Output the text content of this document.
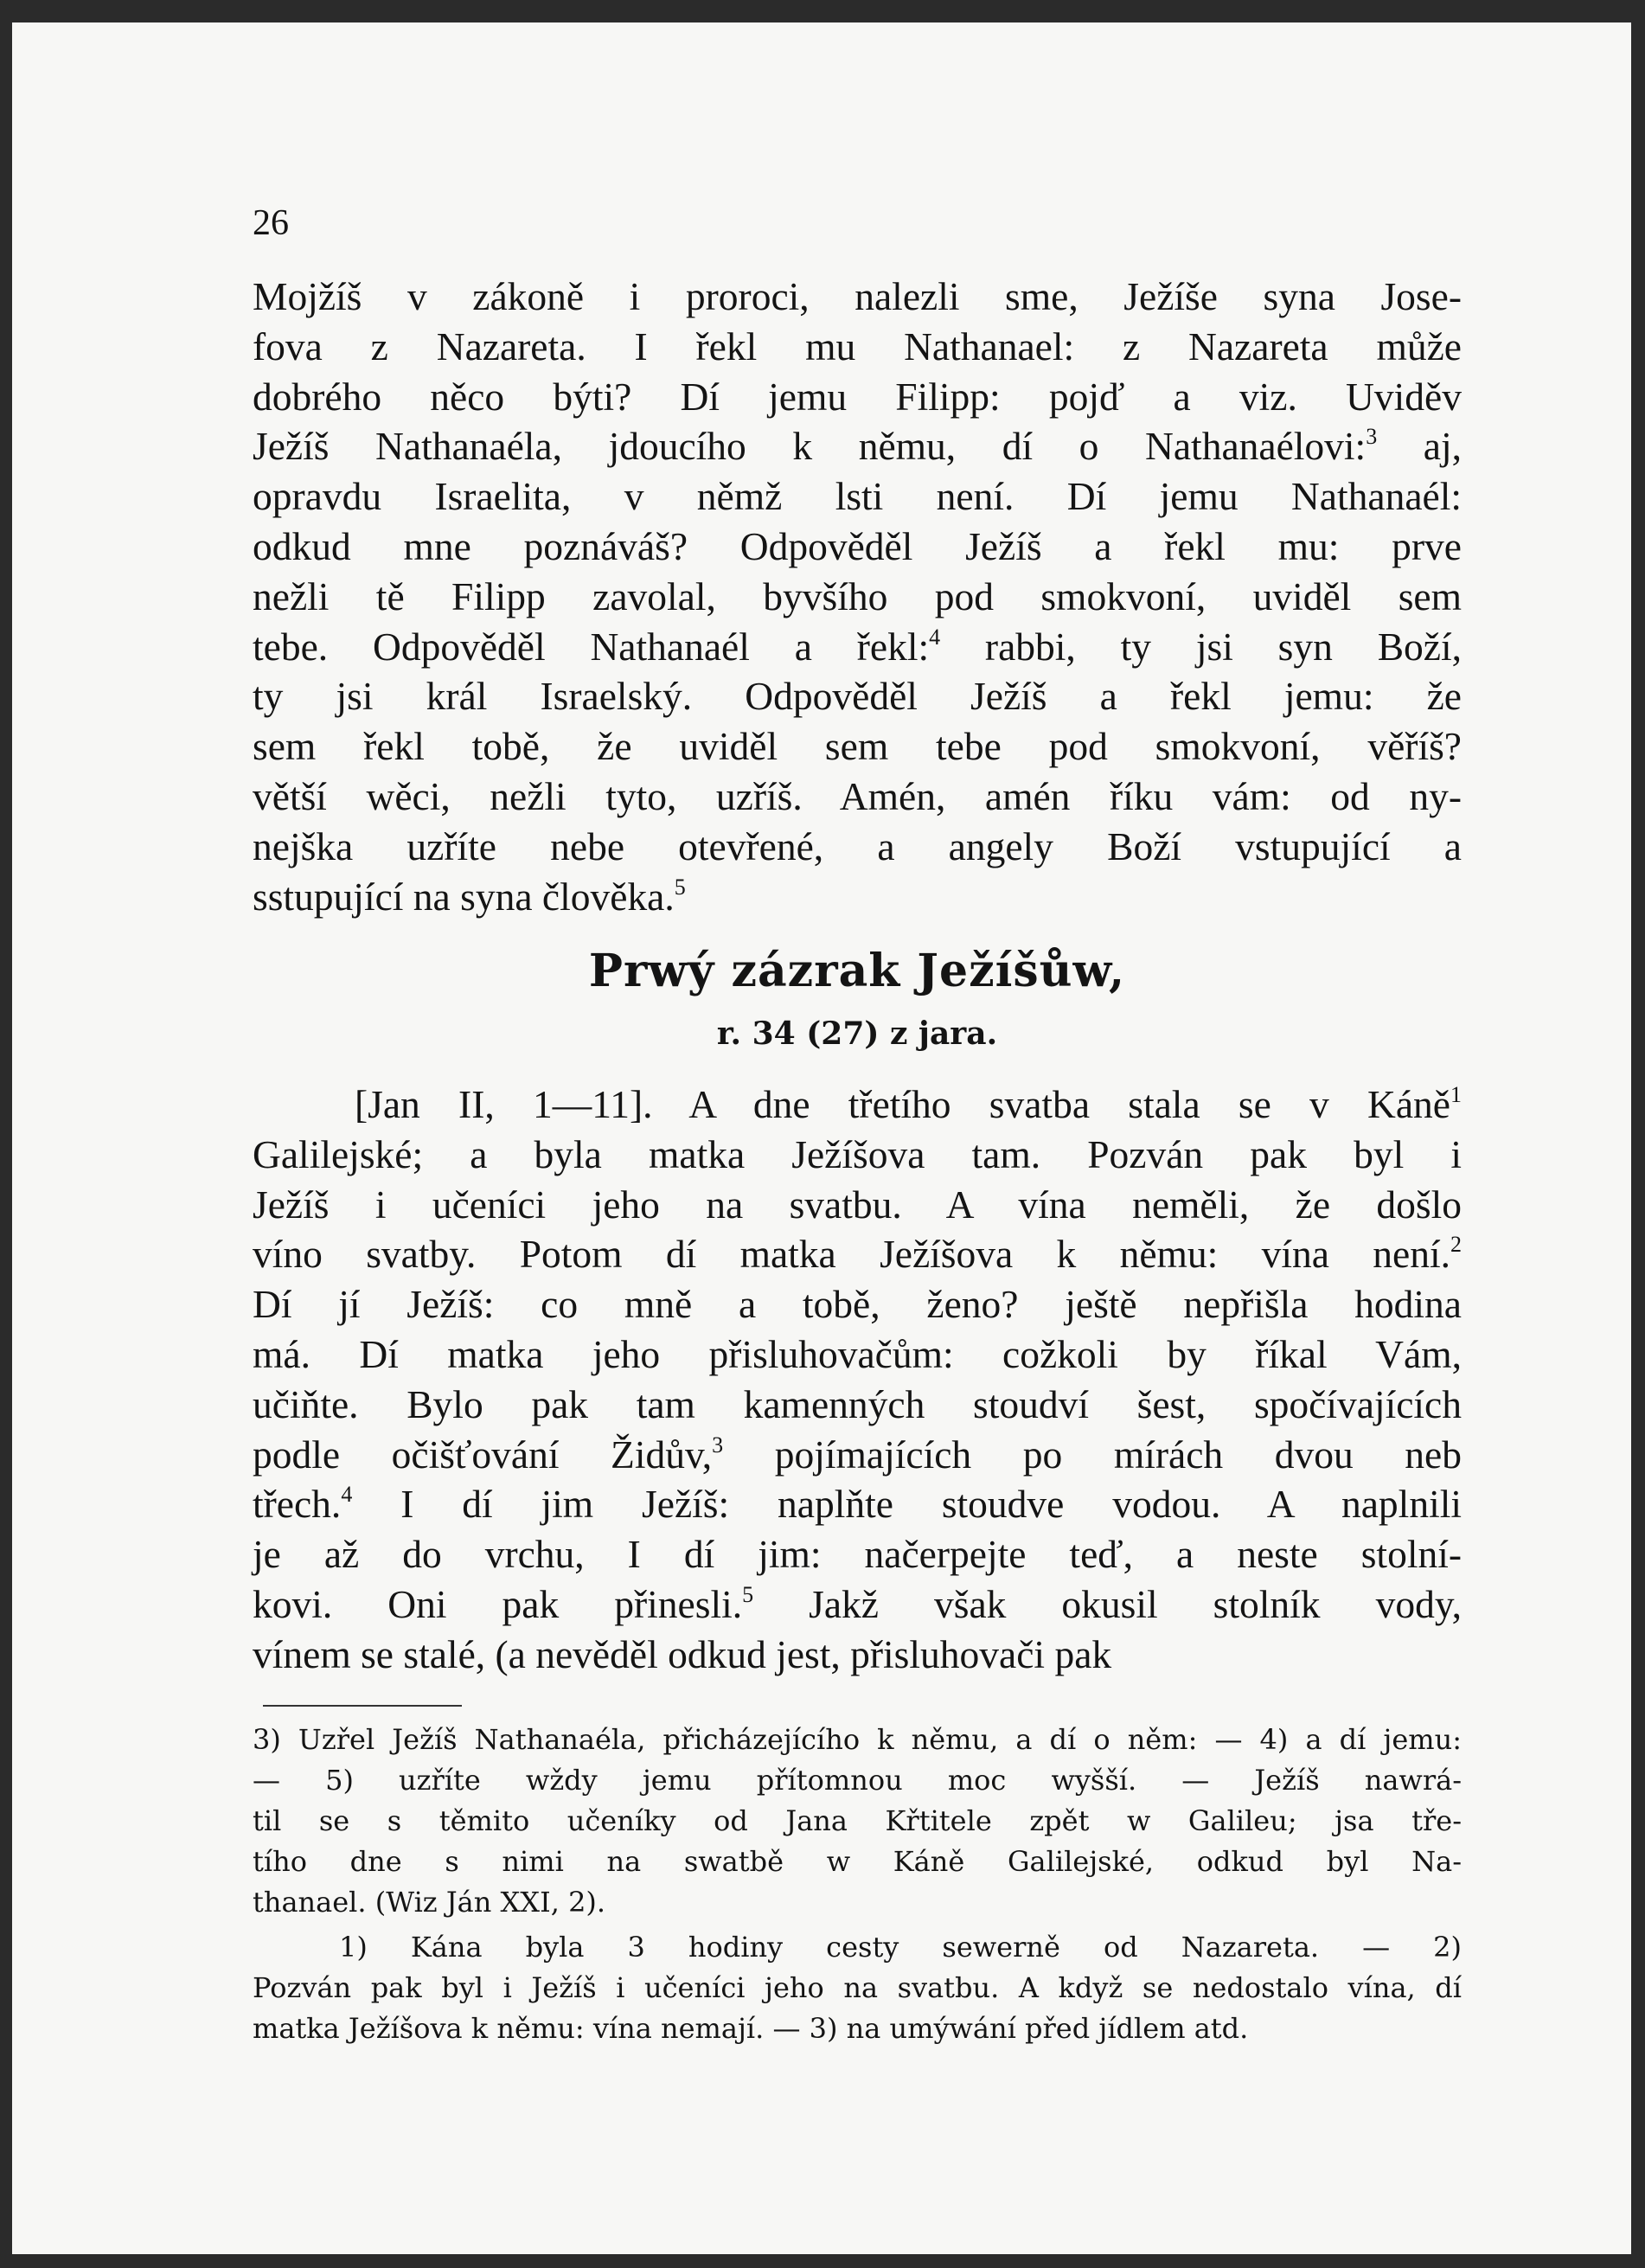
26
Mojžíš v zákoně i proroci, nalezli sme, Ježíše syna Jose-
fova z Nazareta. I řekl mu Nathanael: z Nazareta může
dobrého něco býti? Dí jemu Filipp: pojď a viz. Uviděv
Ježíš Nathanaéla, jdoucího k němu, dí o Nathanaélovi:$^3$ aj,
opravdu Israelita, v němž lsti není. Dí jemu Nathanaél:
odkud mne poznáváš? Odpověděl Ježíš a řekl mu: prve
nežli tě Filipp zavolal, byvšího pod smokvoní, uviděl sem
tebe. Odpověděl Nathanaél a řekl:$^4$ rabbi, ty jsi syn Boží,
ty jsi král Israelský. Odpověděl Ježíš a řekl jemu: že
sem řekl tobě, že uviděl sem tebe pod smokvoní, věříš?
větší wěci, nežli tyto, uzříš. Amén, amén říku vám: od ny-
nejška uzříte nebe otevřené, a angely Boží vstupující a
sstupující na syna člověka.$^5$
Prwý zázrak Ježíšůw,
r. 34 (27) z jara.
[Jan II, 1—11]. A dne třetího svatba stala se v Káně$^1$
Galilejské; a byla matka Ježíšova tam. Pozván pak byl i
Ježíš i učeníci jeho na svatbu. A vína neměli, že došlo
víno svatby. Potom dí matka Ježíšova k němu: vína není.$^2$
Dí jí Ježíš: co mně a tobě, ženo? ještě nepřišla hodina
má. Dí matka jeho přisluhovačům: cožkoli by říkal Vám,
učiňte. Bylo pak tam kamenných stoudví šest, spočívajících
podle očišťování Židův,$^3$ pojímajících po mírách dvou neb
třech.$^4$ I dí jim Ježíš: naplňte stoudve vodou. A naplnili
je až do vrchu, I dí jim: načerpejte teď, a neste stolní-
kovi. Oni pak přinesli.$^5$ Jakž však okusil stolník vody,
vínem se stalé, (a nevěděl odkud jest, přisluhovači pak
3) Uzřel Ježíš Nathanaéla, přicházejícího k němu, a dí o něm: — 4) a dí jemu:
— 5) uzříte wždy jemu přítomnou moc wyšší. — Ježíš nawrá-
til se s těmito učeníky od Jana Křtitele zpět w Galileu; jsa tře-
tího dne s nimi na swatbě w Káně Galilejské, odkud byl Na-
thanael. (Wiz Ján XXI, 2).
1) Kána byla 3 hodiny cesty sewerně od Nazareta. — 2)
Pozván pak byl i Ježíš i učeníci jeho na svatbu. A když se nedostalo vína, dí
matka Ježíšova k němu: vína nemají. — 3) na umýwání před jídlem atd.
